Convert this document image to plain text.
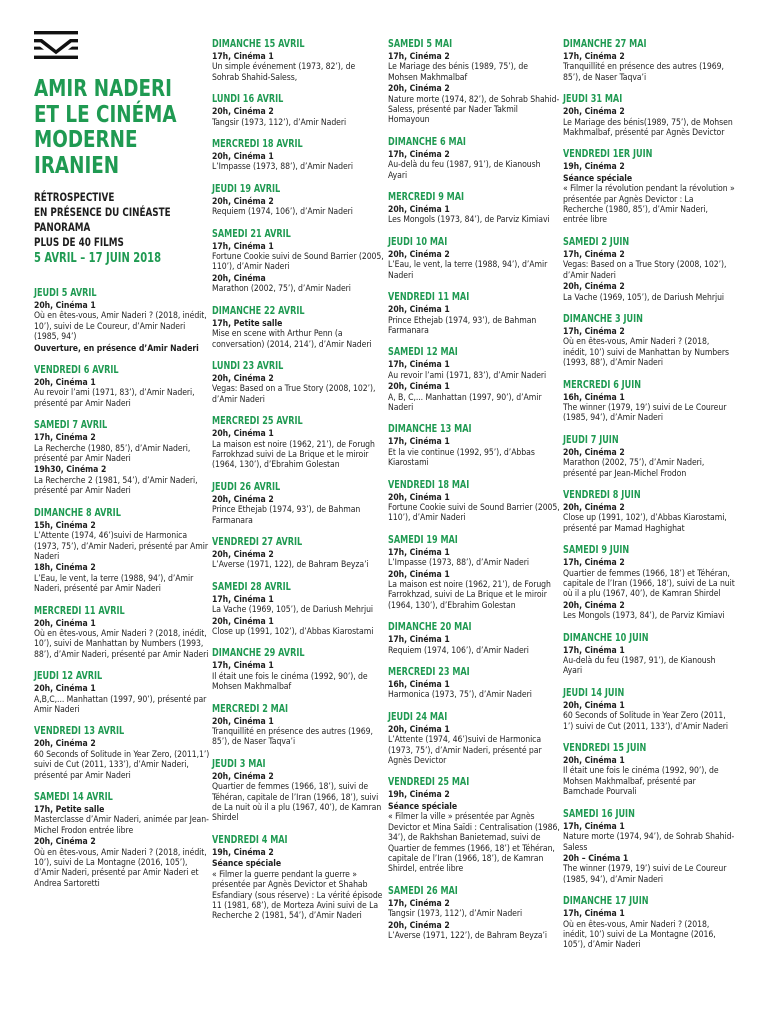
AMIR NADERI
ET LE CINÉMA
MODERNE
IRANIEN
RÉTROSPECTIVE
EN PRÉSENCE DU CINÉASTE
PANORAMA
PLUS DE 40 FILMS
5 AVRIL – 17 JUIN 2018
JEUDI 5 AVRIL
20h, Cinéma 1
Où en êtes-vous, Amir Naderi ? (2018, inédit, 10’), suivi de Le Coureur, d’Amir Naderi (1985, 94’)
Ouverture, en présence d’Amir Naderi
VENDREDI 6 AVRIL
20h, Cinéma 1
Au revoir l’ami (1971, 83’), d’Amir Naderi, présenté par Amir Naderi
SAMEDI 7 AVRIL
17h, Cinéma 2
La Recherche (1980, 85’), d’Amir Naderi, présenté par Amir Naderi
19h30, Cinéma 2
La Recherche 2 (1981, 54’), d’Amir Naderi, présenté par Amir Naderi
DIMANCHE 8 AVRIL
15h, Cinéma 2
L’Attente (1974, 46’)suivi de Harmonica (1973, 75’), d’Amir Naderi, présenté par Amir Naderi
18h, Cinéma 2
L’Eau, le vent, la terre (1988, 94’), d’Amir Naderi, présenté par Amir Naderi
MERCREDI 11 AVRIL
20h, Cinéma 1
Où en êtes-vous, Amir Naderi ? (2018, inédit, 10’), suivi de Manhattan by Numbers (1993, 88’), d’Amir Naderi, présenté par Amir Naderi
JEUDI 12 AVRIL
20h, Cinéma 1
A,B,C,... Manhattan (1997, 90’), présenté par Amir Naderi
VENDREDI 13 AVRIL
20h, Cinéma 2
60 Seconds of Solitude in Year Zero, (2011,1’) suivi de Cut (2011, 133’), d’Amir Naderi, présenté par Amir Naderi
SAMEDI 14 AVRIL
17h, Petite salle
Masterclasse d’Amir Naderi, animée par Jean-Michel Frodon entrée libre
20h, Cinéma 2
Où en êtes-vous, Amir Naderi ? (2018, inédit, 10’), suivi de La Montagne (2016, 105’), d’Amir Naderi, présenté par Amir Naderi et Andrea Sartoretti
DIMANCHE 15 AVRIL
17h, Cinéma 1
Un simple événement (1973, 82’), de Sohrab Shahid-Saless,
LUNDI 16 AVRIL
20h, Cinéma 2
Tangsir (1973, 112’), d’Amir Naderi
MERCREDI 18 AVRIL
20h, Cinéma 1
L’Impasse (1973, 88’), d’Amir Naderi
JEUDI 19 AVRIL
20h, Cinéma 2
Requiem (1974, 106’), d’Amir Naderi
SAMEDI 21 AVRIL
17h, Cinéma 1
Fortune Cookie suivi de Sound Barrier (2005, 110’), d’Amir Naderi
20h, Cinéma
Marathon (2002, 75’), d’Amir Naderi
DIMANCHE 22 AVRIL
17h, Petite salle
Mise en scene with Arthur Penn (a conversation) (2014, 214’), d’Amir Naderi
LUNDI 23 AVRIL
20h, Cinéma 2
Vegas: Based on a True Story (2008, 102’), d’Amir Naderi
MERCREDI 25 AVRIL
20h, Cinéma 1
La maison est noire (1962, 21’), de Forugh Farrokhzad suivi de La Brique et le miroir (1964, 130’), d’Ebrahim Golestan
JEUDI 26 AVRIL
20h, Cinéma 2
Prince Ethejab (1974, 93’), de Bahman Farmanara
VENDREDI 27 AVRIL
20h, Cinéma 2
L’Averse (1971, 122), de Bahram Beyza’i
SAMEDI 28 AVRIL
17h, Cinéma 1
La Vache (1969, 105’), de Dariush Mehrjui
20h, Cinéma 1
Close up (1991, 102’), d’Abbas Kiarostami
DIMANCHE 29 AVRIL
17h, Cinéma 1
Il était une fois le cinéma (1992, 90’), de Mohsen Makhmalbaf
MERCREDI 2 MAI
20h, Cinéma 1
Tranquillité en présence des autres (1969, 85’), de Naser Taqva’i
JEUDI 3 MAI
20h, Cinéma 2
Quartier de femmes (1966, 18’), suivi de Téhéran, capitale de l’Iran (1966, 18’), suivi de La nuit où il a plu (1967, 40’), de Kamran Shirdel
VENDREDI 4 MAI
19h, Cinéma 2
Séance spéciale
« Filmer la guerre pendant la guerre » présentée par Agnès Devictor et Shahab Esfandiary (sous réserve) : La vérité épisode 11 (1981, 68’), de Morteza Avini suivi de La Recherche 2 (1981, 54’), d’Amir Naderi
SAMEDI 5 MAI
17h, Cinéma 2
Le Mariage des bénis (1989, 75’), de Mohsen Makhmalbaf
20h, Cinéma 2
Nature morte (1974, 82’), de Sohrab Shahid-Saless, présenté par Nader Takmil Homayoun
DIMANCHE 6 MAI
17h, Cinéma 2
Au-delà du feu (1987, 91’), de Kianoush Ayari
MERCREDI 9 MAI
20h, Cinéma 1
Les Mongols (1973, 84’), de Parviz Kimiavi
JEUDI 10 MAI
20h, Cinéma 2
L’Eau, le vent, la terre (1988, 94’), d’Amir Naderi
VENDREDI 11 MAI
20h, Cinéma 1
Prince Ethejab (1974, 93’), de Bahman Farmanara
SAMEDI 12 MAI
17h, Cinéma 1
Au revoir l’ami (1971, 83’), d’Amir Naderi
20h, Cinéma 1
A, B, C,... Manhattan (1997, 90’), d’Amir Naderi
DIMANCHE 13 MAI
17h, Cinéma 1
Et la vie continue (1992, 95’), d’Abbas Kiarostami
VENDREDI 18 MAI
20h, Cinéma 1
Fortune Cookie suivi de Sound Barrier (2005, 110’), d’Amir Naderi
SAMEDI 19 MAI
17h, Cinéma 1
L’Impasse (1973, 88’), d’Amir Naderi
20h, Cinéma 1
La maison est noire (1962, 21’), de Forugh Farrokhzad, suivi de La Brique et le miroir (1964, 130’), d’Ebrahim Golestan
DIMANCHE 20 MAI
17h, Cinéma 1
Requiem (1974, 106’), d’Amir Naderi
MERCREDI 23 MAI
16h, Cinéma 1
Harmonica (1973, 75’), d’Amir Naderi
JEUDI 24 MAI
20h, Cinéma 1
L’Attente (1974, 46’)suivi de Harmonica (1973, 75’), d’Amir Naderi, présenté par Agnès Devictor
VENDREDI 25 MAI
19h, Cinéma 2
Séance spéciale
« Filmer la ville » présentée par Agnès Devictor et Mina Saïdi : Centralisation (1986, 34’), de Rakhshan Banietemad, suivi de Quartier de femmes (1966, 18’) et Téhéran, capitale de l’Iran (1966, 18’), de Kamran Shirdel, entrée libre
SAMEDI 26 MAI
17h, Cinéma 2
Tangsir (1973, 112’), d’Amir Naderi
20h, Cinéma 2
L’Averse (1971, 122’), de Bahram Beyza’i
DIMANCHE 27 MAI
17h, Cinéma 2
Tranquillité en présence des autres (1969, 85’), de Naser Taqva’i
JEUDI 31 MAI
20h, Cinéma 2
Le Mariage des bénis(1989, 75’), de Mohsen Makhmalbaf, présenté par Agnès Devictor
VENDREDI 1ER JUIN
19h, Cinéma 2
Séance spéciale
« Filmer la révolution pendant la révolution » présentée par Agnès Devictor : La Recherche (1980, 85’), d’Amir Naderi, entrée libre
SAMEDI 2 JUIN
17h, Cinéma 2
Vegas: Based on a True Story (2008, 102’), d’Amir Naderi
20h, Cinéma 2
La Vache (1969, 105’), de Dariush Mehrjui
DIMANCHE 3 JUIN
17h, Cinéma 2
Où en êtes-vous, Amir Naderi ? (2018, inédit, 10’) suivi de Manhattan by Numbers (1993, 88’), d’Amir Naderi
MERCREDI 6 JUIN
16h, Cinéma 1
The winner (1979, 19’) suivi de Le Coureur (1985, 94’), d’Amir Naderi
JEUDI 7 JUIN
20h, Cinéma 2
Marathon (2002, 75’), d’Amir Naderi, présenté par Jean-Michel Frodon
VENDREDI 8 JUIN
20h, Cinéma 2
Close up (1991, 102’), d’Abbas Kiarostami, présenté par Mamad Haghighat
SAMEDI 9 JUIN
17h, Cinéma 2
Quartier de femmes (1966, 18’) et Téhéran, capitale de l’Iran (1966, 18’), suivi de La nuit où il a plu (1967, 40’), de Kamran Shirdel
20h, Cinéma 2
Les Mongols (1973, 84’), de Parviz Kimiavi
DIMANCHE 10 JUIN
17h, Cinéma 1
Au-delà du feu (1987, 91’), de Kianoush Ayari
JEUDI 14 JUIN
20h, Cinéma 1
60 Seconds of Solitude in Year Zero (2011, 1’) suivi de Cut (2011, 133’), d’Amir Naderi
VENDREDI 15 JUIN
20h, Cinéma 1
Il était une fois le cinéma (1992, 90’), de Mohsen Makhmalbaf, présenté par Bamchade Pourvali
SAMEDI 16 JUIN
17h, Cinéma 1
Nature morte (1974, 94’), de Sohrab Shahid-Saless
20h – Cinéma 1
The winner (1979, 19’) suivi de Le Coureur (1985, 94’), d’Amir Naderi
DIMANCHE 17 JUIN
17h, Cinéma 1
Où en êtes-vous, Amir Naderi ? (2018, inédit, 10’) suivi de La Montagne (2016, 105’), d’Amir Naderi
